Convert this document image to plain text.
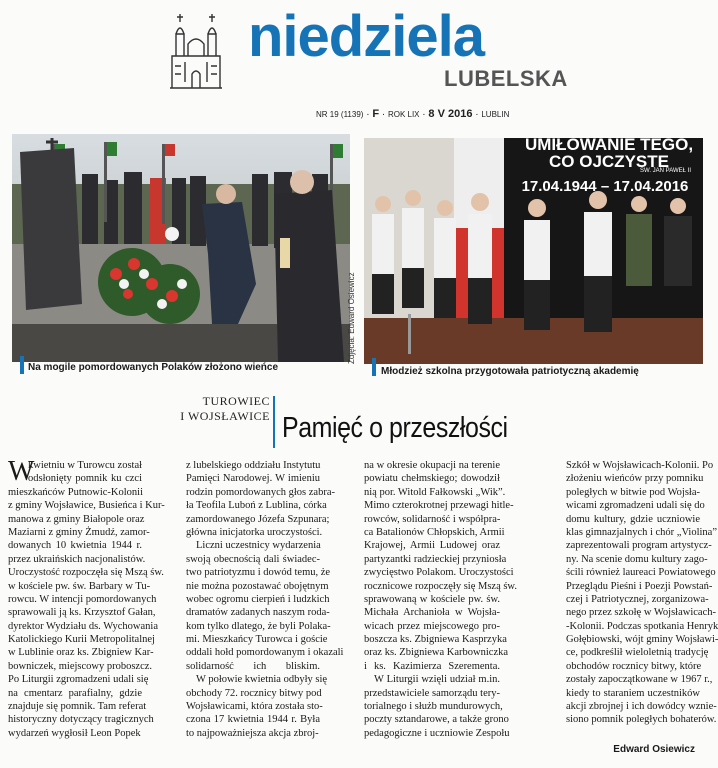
niedziela
LUBELSKA
NR 19 (1139) · F · ROK LIX · 8 V 2016 · LUBLIN
Na mogile pomordowanych Polaków złożono wieńce
Zdjęcia: Edward Osiewicz
UMIŁOWANIE TEGO,
CO OJCZYSTE
ŚW. JAN PAWEŁ II
17.04.1944 – 17.04.2016
Młodzież szkolna przygotowała patriotyczną akademię
TUROWIEC
I WOJSŁAWICE Pamięć o przeszłości
kwietniu w Turowcu został
odsłonięty pomnik ku czci
mieszkańców Putnowic-Kolonii
z gminy Wojsławice, Busieńca i Kur-
manowa z gminy Białopole oraz
Maziarni z gminy Żmudź, zamor-
dowanych 10 kwietnia 1944 r.
przez ukraińskich nacjonalistów.
Uroczystość rozpoczęła się Mszą św.
w kościele pw. św. Barbary w Tu-
rowcu. W intencji pomordowanych
sprawowali ją ks. Krzysztof Gałan,
dyrektor Wydziału ds. Wychowania
Katolickiego Kurii Metropolitalnej
w Lublinie oraz ks. Zbigniew Kar-
bowniczek, miejscowy proboszcz.
Po Liturgii zgromadzeni udali się
na cmentarz parafialny, gdzie
znajduje się pomnik. Tam referat
historyczny dotyczący tragicznych
wydarzeń wygłosił Leon Popek
W	z lubelskiego oddziału Instytutu
Pamięci Narodowej. W imieniu
rodzin pomordowanych głos zabra-
ła Teofila Luboń z Lublina, córka
zamordowanego Józefa Szpunara;
główna inicjatorka uroczystości.
Liczni uczestnicy wydarzenia
swoją obecnością dali świadec-
two patriotyzmu i dowód temu, że
nie można pozostawać obojętnym
wobec ogromu cierpień i ludzkich
dramatów zadanych naszym roda-
kom tylko dlatego, że byli Polaka-
mi. Mieszkańcy Turowca i goście
oddali hołd pomordowanym i okazali
solidarność ich bliskim.
W połowie kwietnia odbyły się
obchody 72. rocznicy bitwy pod
Wojsławicami, która została sto-
czona 17 kwietnia 1944 r. Była
to najpoważniejsza akcja zbroj-
na w okresie okupacji na terenie
powiatu chełmskiego; dowodził
nią por. Witold Fałkowski „Wik”.
Mimo czterokrotnej przewagi hitle-
rowców, solidarność i współpra-
ca Batalionów Chłopskich, Armii
Krajowej, Armii Ludowej oraz
partyzantki radzieckiej przyniosła
zwycięstwo Polakom. Uroczystości
rocznicowe rozpoczęły się Mszą św.
sprawowaną w kościele pw. św.
Michała Archanioła w Wojsła-
wicach przez miejscowego pro-
boszcza ks. Zbigniewa Kasprzyka
oraz ks. Zbigniewa Karbowniczka
i ks. Kazimierza Szerementa.
W Liturgii wzięli udział m.in.
przedstawiciele samorządu tery-
torialnego i służb mundurowych,
poczty sztandarowe, a także grono
pedagogiczne i uczniowie Zespołu
Szkół w Wojsławicach-Kolonii. Po
złożeniu wieńców przy pomniku
poległych w bitwie pod Wojsła-
wicami zgromadzeni udali się do
domu kultury, gdzie uczniowie
klas gimnazjalnych i chór „Violina”
zaprezentowali program artystycz-
ny. Na scenie domu kultury zago-
ścili również laureaci Powiatowego
Przeglądu Pieśni i Poezji Powstań-
czej i Patriotycznej, zorganizowa-
nego przez szkołę w Wojsławicach-
-Kolonii. Podczas spotkania Henryk
Gołębiowski, wójt gminy Wojsławi-
ce, podkreślił wieloletnią tradycję
obchodów rocznicy bitwy, które
zostały zapoczątkowane w 1967 r.,
kiedy to staraniem uczestników
akcji zbrojnej i ich dowódcy wznie-
siono pomnik poległych bohaterów.
Edward Osiewicz
